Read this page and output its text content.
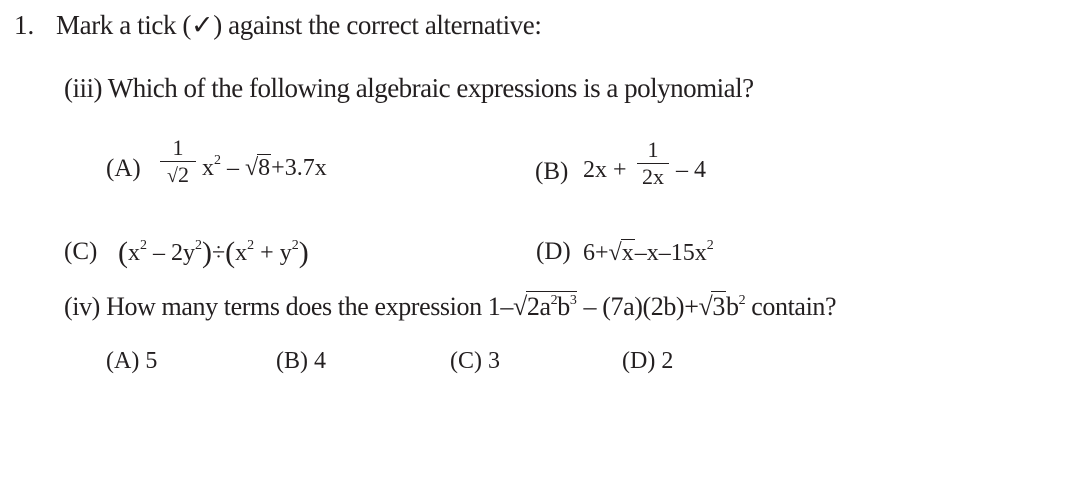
1. Mark a tick (✓) against the correct alternative:
(iii) Which of the following algebraic expressions is a polynomial?
(A)
1
√2 $x^2 - √8+3.7x$	(B) 2x +
1
2x – 4
(C) $(x^2 - 2y^2)\div(x^2 + y^2)$	(D) $6+√x-x-15x^2$
(iv) How many terms does the expression $1-√2a^2b^3 - (7a)(2b)+√3b^2$ contain?
(A) 5	(B) 4	(C) 3	(D) 2
